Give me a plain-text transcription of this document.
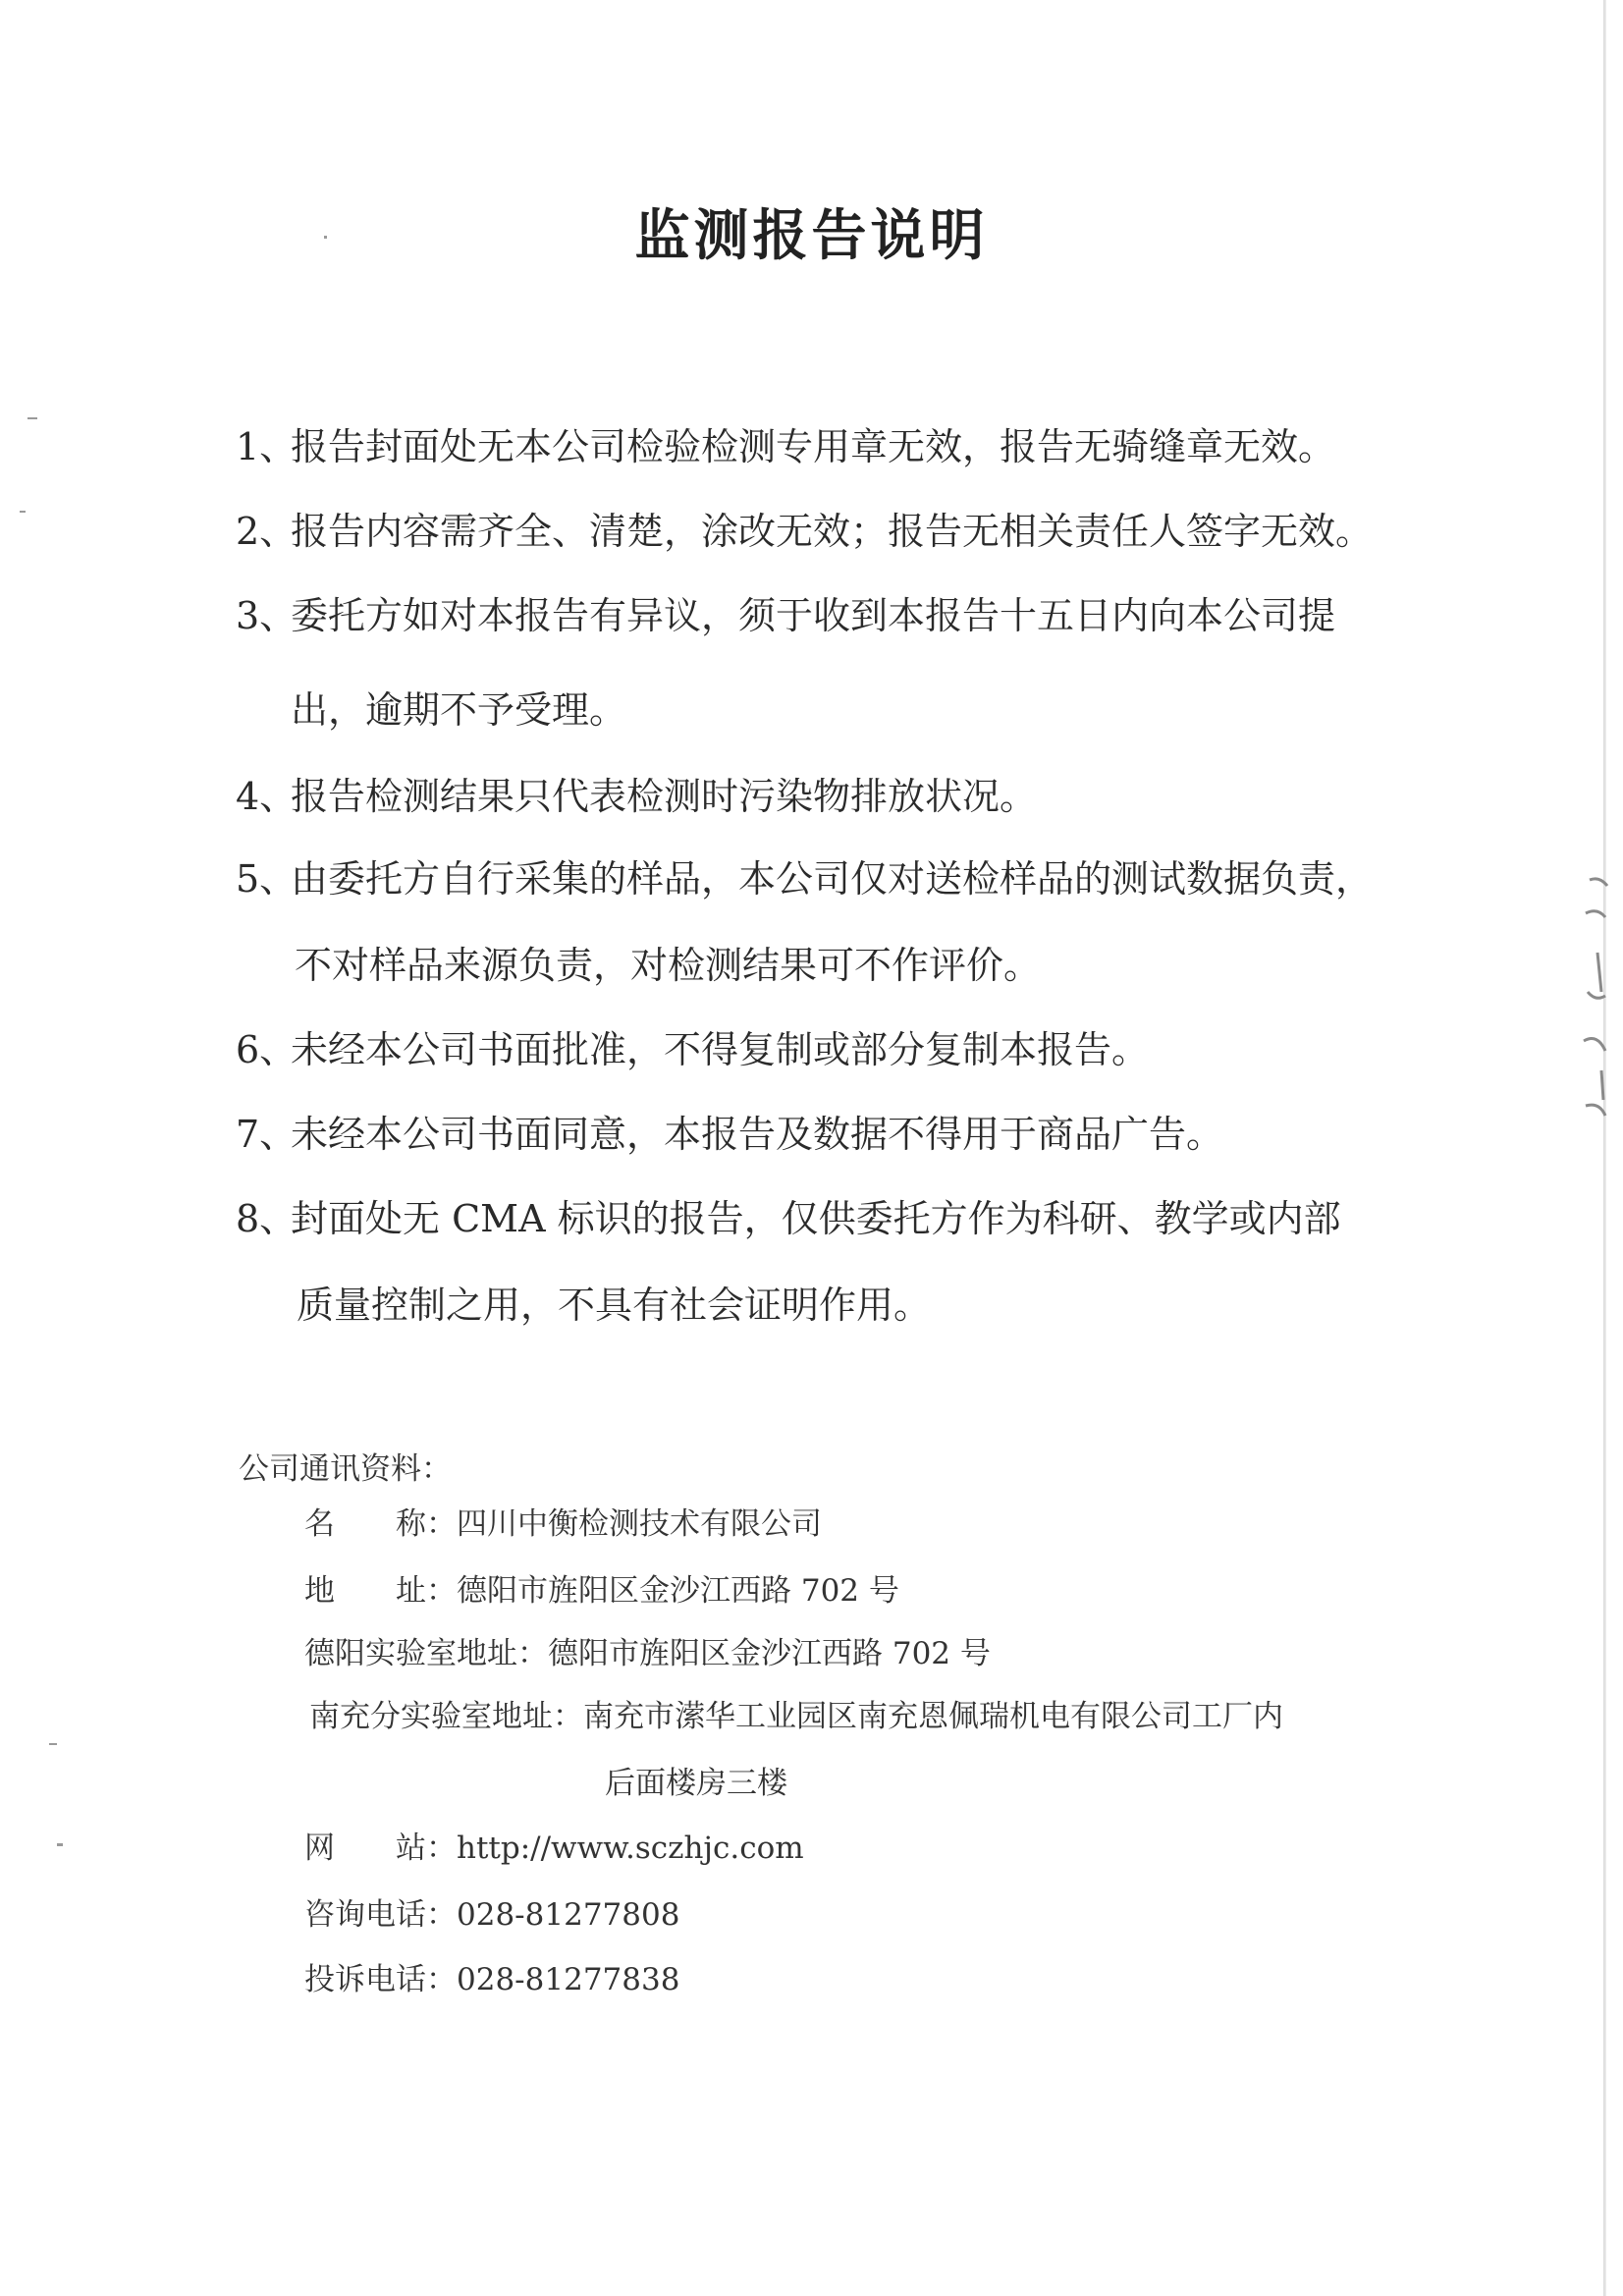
监测报告说明
1、报告封面处无本公司检验检测专用章无效，报告无骑缝章无效。
2、报告内容需齐全、清楚，涂改无效；报告无相关责任人签字无效。
3、委托方如对本报告有异议，须于收到本报告十五日内向本公司提
出，逾期不予受理。
4、报告检测结果只代表检测时污染物排放状况。
5、由委托方自行采集的样品，本公司仅对送检样品的测试数据负责，
不对样品来源负责，对检测结果可不作评价。
6、未经本公司书面批准，不得复制或部分复制本报告。
7、未经本公司书面同意，本报告及数据不得用于商品广告。
8、封面处无 CMA 标识的报告，仅供委托方作为科研、教学或内部
质量控制之用，不具有社会证明作用。
公司通讯资料：
名　　称：四川中衡检测技术有限公司
地　　址：德阳市旌阳区金沙江西路 702 号
德阳实验室地址：德阳市旌阳区金沙江西路 702 号
南充分实验室地址：南充市潆华工业园区南充恩佩瑞机电有限公司工厂内
后面楼房三楼
网　　站：http://www.sczhjc.com
咨询电话：028-81277808
投诉电话：028-81277838
